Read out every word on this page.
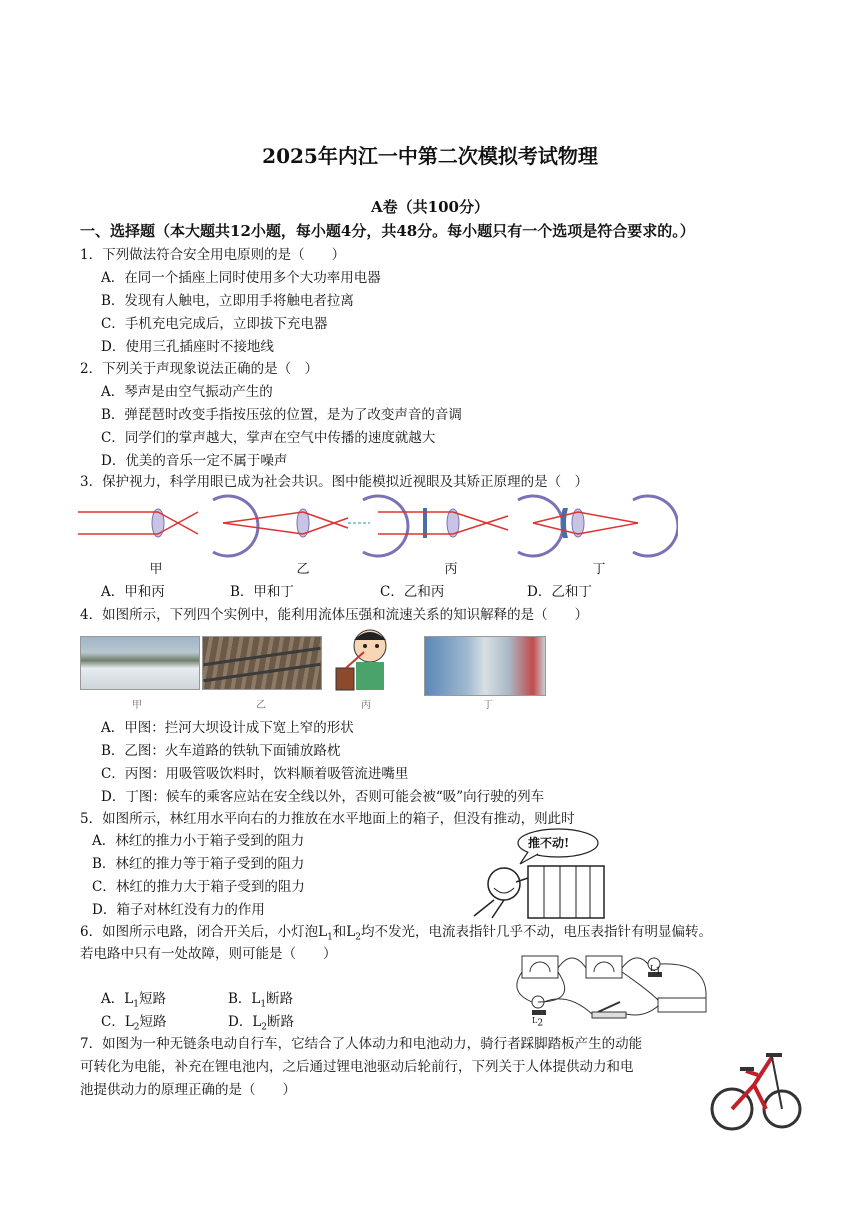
2025年内江一中第二次模拟考试物理
A卷（共100分）
一、选择题（本大题共12小题，每小题4分，共48分。每小题只有一个选项是符合要求的。）
1．下列做法符合安全用电原则的是（　　）
A．在同一个插座上同时使用多个大功率用电器
B．发现有人触电，立即用手将触电者拉离
C．手机充电完成后，立即拔下充电器
D．使用三孔插座时不接地线
2．下列关于声现象说法正确的是（　）
A．琴声是由空气振动产生的
B．弹琵琶时改变手指按压弦的位置，是为了改变声音的音调
C．同学们的掌声越大，掌声在空气中传播的速度就越大
D．优美的音乐一定不属于噪声
3．保护视力，科学用眼已成为社会共识。图中能模拟近视眼及其矫正原理的是（　）
甲	乙	丙	丁
A．甲和丙	B．甲和丁	C．乙和丙	D．乙和丁
4．如图所示，下列四个实例中，能利用流体压强和流速关系的知识解释的是（　　）
甲	乙	丙	丁
A．甲图：拦河大坝设计成下宽上窄的形状
B．乙图：火车道路的铁轨下面铺放路枕
C．丙图：用吸管吸饮料时，饮料顺着吸管流进嘴里
D．丁图：候车的乘客应站在安全线以外，否则可能会被“吸”向行驶的列车
5．如图所示，林红用水平向右的力推放在水平地面上的箱子，但没有推动，则此时
A．林红的推力小于箱子受到的阻力
B．林红的推力等于箱子受到的阻力
C．林红的推力大于箱子受到的阻力
D．箱子对林红没有力的作用
推不动!
6．如图所示电路，闭合开关后，小灯泡$L_1$和$L_2$均不发光，电流表指针几乎不动，电压表指针有明显偏转。
若电路中只有一处故障，则可能是（　　）
A．$L_1$短路	B．$L_1$断路
C．$L_2$短路	D．$L_2$断路
$L_1$
$L_2$
7．如图为一种无链条电动自行车，它结合了人体动力和电池动力，骑行者踩脚踏板产生的动能
可转化为电能，补充在锂电池内，之后通过锂电池驱动后轮前行，下列关于人体提供动力和电
池提供动力的原理正确的是（　　）
